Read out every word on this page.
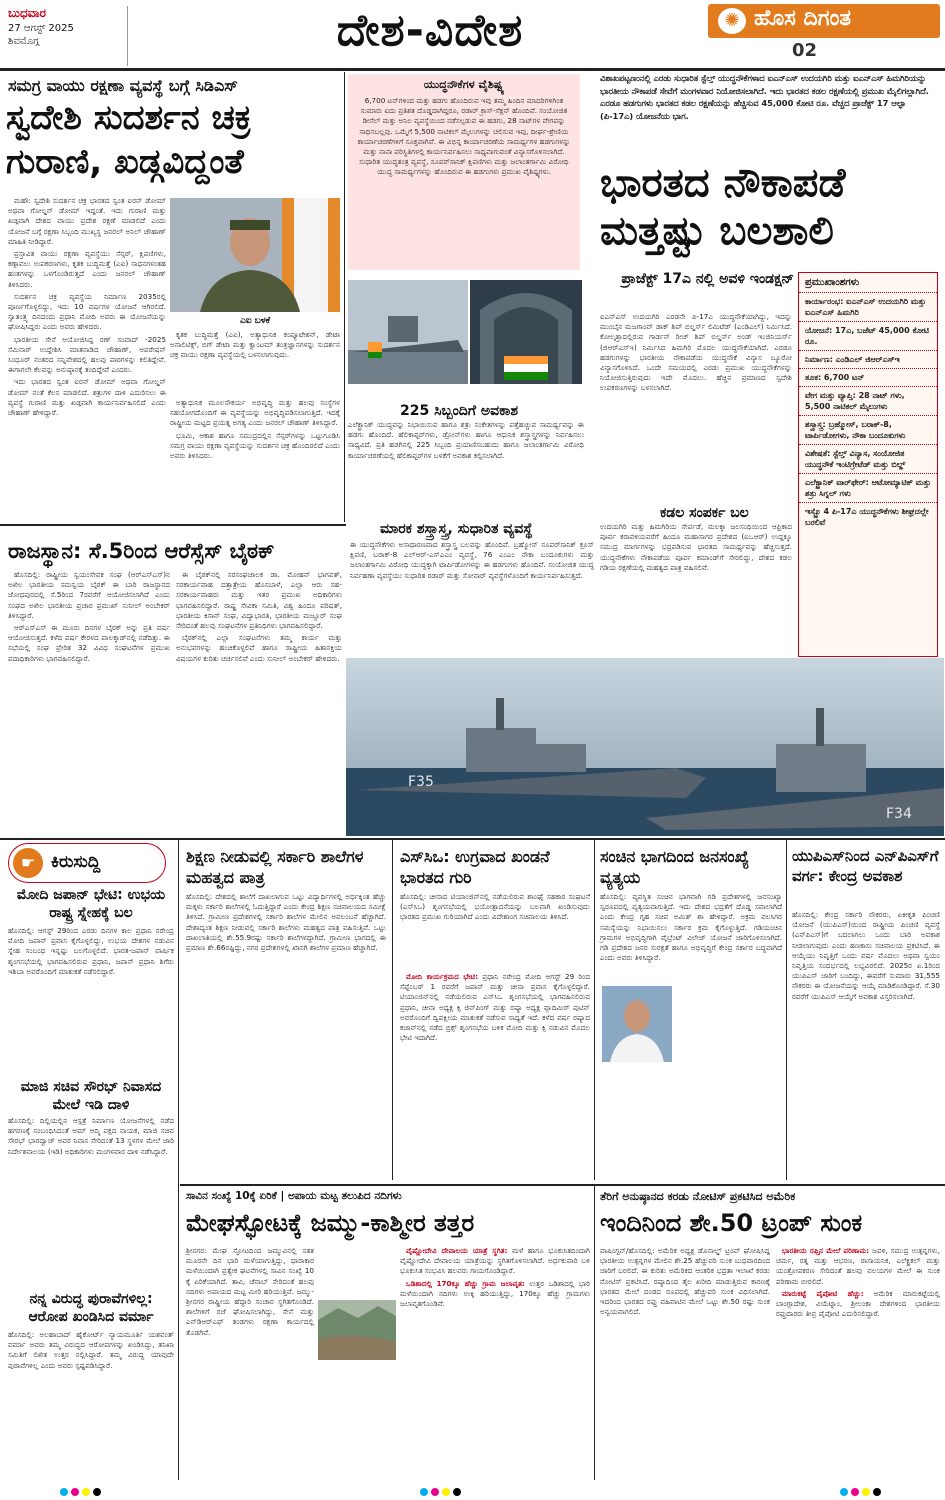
ಬುಧವಾರ
27 ಆಗಸ್ಟ್ 2025
ಶಿವಮೊಗ್ಗ	ದೇಶ-ವಿದೇಶ	✺ ಹೊಸ ದಿಗಂತ
02
ಸಮಗ್ರ ವಾಯು ರಕ್ಷಣಾ ವ್ಯವಸ್ಥೆ ಬಗ್ಗೆ ಸಿಡಿಎಸ್
ಸ್ವದೇಶಿ ಸುದರ್ಶನ ಚಕ್ರ
ಗುರಾಣಿ, ಖಡ್ಗವಿದ್ದಂತೆ

ಮಹೌ: ಸ್ವದೇಶಿ ಸುದರ್ಶನ ಚಕ್ರ ಭಾರತದ ಸ್ವಂತ ಐರನ್ ಡೋಮ್ ಅಥವಾ ಗೋಲ್ಡನ್ ಡೋಮ್ ಇದ್ದಂತೆ. ಇದು ಗುರಾಣಿ ಮತ್ತು ಖಡ್ಗವಾಗಿ ದೇಶದ ವಾಯು ಪ್ರದೇಶ ರಕ್ಷಣೆ ಮಾಡಲಿದೆ ಎಂದು ಯೋಜನೆ ಬಗ್ಗೆ ರಕ್ಷಣಾ ಸಿಬ್ಬಂದಿ ಮುಖ್ಯಸ್ಥ ಜನರಲ್ ಅನಿಲ್ ಚೌಹಾಣ್ ಮಾಹಿತಿ ನೀಡಿದ್ದಾರೆ.

ಪ್ರಸ್ತಾವಿತ ವಾಯು ರಕ್ಷಣಾ ವ್ಯವಸ್ಥೆಯು ಸೆನ್ಸರ್, ಕ್ಷಿಪಣಿಗಳು, ಕಣ್ಗಾವಲು ಉಪಕರಣಗಳು, ಕೃತಕ ಬುದ್ಧಿಮತ್ತೆ (ಎಐ) ಸಾಧನಗಳಂತಹ ಹಂತಗಳನ್ನು ಒಳಗೊಂಡಿರುತ್ತದೆ ಎಂದು ಜನರಲ್ ಚೌಹಾಣ್ ತಿಳಿಸಿದರು.

ಸುದರ್ಶನ ಚಕ್ರ ವ್ಯವಸ್ಥೆಯ ನಿರ್ಮಾಣ 2035ರಲ್ಲಿ ಪೂರ್ಣಗೊಳ್ಳಲಿದ್ದು, ಇದು 10 ವರ್ಷಗಳ ಯೋಜನೆ ಆಗಿರಲಿದೆ. ಸ್ವಾತಂತ್ರ್ಯ ದಿನದಂದು ಪ್ರಧಾನಿ ಮೋದಿ ಅವರು ಈ ಯೋಜನೆಯನ್ನು ಘೋಷಿಸಿದ್ದರು ಎಂದು ಅವರು ಹೇಳಿದರು.

ಭಾರತೀಯ ಸೇನೆ ಆಯೋಜಿಸಿದ್ದ ರಣ್ ಸಂವಾದ್ -2025 ಸೆಮಿನಾರ್ ಉದ್ದೇಶಿಸಿ ಮಾತನಾಡಿದ ಚೌಹಾಣ್, ಆಪರೇಷನ್ ಸಿಂಧೂರ್ ನಂತರದ ಸನ್ನಿವೇಶದಲ್ಲಿ ಹಲವು ಪಾಠಗಳನ್ನು ಕಲಿತಿದ್ದೇವೆ. ಈಗಾಗಲೇ ಕೆಲವನ್ನು ಅನುಷ್ಠಾನಕ್ಕೆ ತಂದಿದ್ದೇವೆ ಎಂದರು.

ಇದು ಭಾರತದ ಸ್ವಂತ ಐರನ್ ಡೋಮ್ ಅಥವಾ ಗೋಲ್ಡನ್ ಡೋಮ್ ನಂತೆ ಕೆಲಸ ಮಾಡಲಿದೆ. ಶತ್ರುಗಳ ದಾಳಿ ಎದುರಿಸಲು ಈ ವ್ಯವಸ್ಥೆ ಗುರಾಣಿ ಮತ್ತು ಖಡ್ಗವಾಗಿ ಕಾರ್ಯನಿರ್ವಹಿಸಲಿದೆ ಎಂದು ಚೌಹಾಣ್ ಹೇಳಿದ್ದಾರೆ.

ಎಐ ಬಳಕೆ

ಕೃತಕ ಬುದ್ಧಿಮತ್ತೆ (ಎಐ), ಅತ್ಯಾಧುನಿಕ ಕಂಪ್ಯೂಟೇಶನ್, ಡೇಟಾ ಅನಾಲಿಟಿಕ್ಸ್, ಬಿಗ್ ಡೇಟಾ ಮತ್ತು ಕ್ವಾಂಟಮ್ ತಂತ್ರಜ್ಞಾನಗಳನ್ನು ಸುದರ್ಶನ ಚಕ್ರ ವಾಯು ರಕ್ಷಣಾ ವ್ಯವಸ್ಥೆಯಲ್ಲಿ ಬಳಸಲಾಗುವುದು.

ಅತ್ಯಾಧುನಿಕ ಮೂಲಸೌಕರ್ಯ ಅಭಿವೃದ್ಧಿ ಮತ್ತು ಹಲವು ಸಂಸ್ಥೆಗಳ ಸಹಯೋಗದೊಂದಿಗೆ ಈ ವ್ಯವಸ್ಥೆಯನ್ನು ಅಭಿವೃದ್ಧಿಪಡಿಸಲಾಗುತ್ತಿದೆ. ಇದಕ್ಕೆ ರಾಷ್ಟ್ರೀಯ ಮಟ್ಟದ ಪ್ರಯತ್ನ ಅಗತ್ಯ ಎಂದು ಜನರಲ್ ಚೌಹಾಣ್ ತಿಳಿಸಿದ್ದಾರೆ.

ಭೂಮಿ, ಆಕಾಶ ಹಾಗೂ ಸಮುದ್ರದಲ್ಲಿನ ಸೆನ್ಸರ್‌ಗಳನ್ನು ಒಟ್ಟುಗೂಡಿಸಿ ಸಮಗ್ರ ವಾಯು ರಕ್ಷಣಾ ವ್ಯವಸ್ಥೆಯನ್ನು ಸುದರ್ಶನ ಚಕ್ರ ಹೊಂದಿರಲಿದೆ ಎಂದು ಅವರು ತಿಳಿಸಿದರು.

ಯುದ್ಧನೌಕೆಗಳ ವೈಶಿಷ್ಟ್ಯ
6,700 ಟನ್‌ಗಳಿಂದ ಮತ್ತು ಹಡಗು ಹೊಂದಿರುವ ಇವು ತಮ್ಮ ಹಿಂದಿನ ಮಾದರಿಗಳಿಗಿಂತ ಸುಮಾರು ಐದು ಪ್ರತಿಶತ ದೊಡ್ಡದಾಗಿದ್ದರೂ, ರಡಾರ್ ಕ್ರಾಸ್-ಸೆಕ್ಷನ್ ಹೊಂದಿವೆ. ಸಂಯೋಜಿತ ಡೀಸೆಲ್ ಮತ್ತು ಅನಿಲ ವ್ಯವಸ್ಥೆಯಿಂದ ನಡೆಸಲ್ಪಡುವ ಈ ಹಡಗು, 28 ನಾಟ್‌ಗಳ ವೇಗವನ್ನು ಸಾಧಿಸಬಲ್ಲವು. ಒಮ್ಮೆಗೆ 5,500 ನಾಟಿಕಲ್ ಮೈಲುಗಳನ್ನು ಚಲಿಸುವ ಇವು, ದೀರ್ಘ-ಶ್ರೇಣಿಯ ಕಾರ್ಯಾಚರಣೆಗಳಿಗೆ ಸೂಕ್ತವಾಗಿವೆ. ಈ ವಿಭಿನ್ನ ಕಾರ್ಯಾಚರಣೆಯ ಸಾಮರ್ಥ್ಯಗಳ ಹಡಗುಗಳನ್ನು ಮತ್ತು ನಾನಾ ಪರಿಸ್ಥಿತಿಗಳಲ್ಲಿ ಕಾರ್ಯನಿರ್ವಹಿಸಲು ಸಾಧ್ಯವಾಗುವಂತೆ ವಿನ್ಯಾಸಗೊಳಿಸಲಾಗಿದೆ. ಸುಧಾರಿತ ಯುದ್ಧತಂತ್ರ ವ್ಯವಸ್ಥೆ, ಸೂಪರ್‌ಸಾನಿಕ್ ಕ್ಷಿಪಣಿಗಳು ಮತ್ತು ಜಲಾಂತರ್ಗಾಮಿ ವಿರೋಧಿ ಯುದ್ಧ ಸಾಮರ್ಥ್ಯಗಳನ್ನು ಹೊಂದಿರುವ ಈ ಹಡಗುಗಳು ಪ್ರಮುಖ ವೈಶಿಷ್ಟ್ಯಗಳು.
ವಿಶಾಖಪಟ್ಟಣಂನಲ್ಲಿ ಎರಡು ಸುಧಾರಿತ ಸ್ಟೆಲ್ತ್ ಯುದ್ಧನೌಕೆಗಳಾದ ಐಎನ್‌ಎಸ್ ಉದಯಗಿರಿ ಮತ್ತು ಐಎನ್‌ಎಸ್ ಹಿಮಗಿರಿಯನ್ನು ಭಾರತೀಯ ನೌಕಾಪಡೆ ಸೇವೆಗೆ ಮಂಗಳವಾರ ನಿಯೋಜಿಸಲಾಗಿದೆ. ಇದು ಭಾರತದ ಕಡಲ ರಕ್ಷಣೆಯಲ್ಲಿ ಪ್ರಮುಖ ಮೈಲಿಗಲ್ಲಾಗಿದೆ. ಎರಡೂ ಹಡಗುಗಳು ಭಾರತದ ಕಡಲ ರಕ್ಷಣೆಯನ್ನು ಹೆಚ್ಚಿಸುವ 45,000 ಕೋಟಿ ರೂ. ವೆಚ್ಚದ ಪ್ರಾಜೆಕ್ಟ್ 17 ಆಲ್ಫಾ (ಪಿ-17ಎ) ಯೋಜನೆಯ ಭಾಗ.
ಭಾರತದ ನೌಕಾಪಡೆ
ಮತ್ತಷ್ಟು ಬಲಶಾಲಿ
225 ಸಿಬ್ಬಂದಿಗೆ ಅವಕಾಶ
ಎಲೆಕ್ಟ್ರಾನಿಕ್ ಯುದ್ಧವನ್ನು ನಿಭಾಯಿಸುವ ಹಾಗೂ ಶತ್ರು ಸಂಕೇತಗಳನ್ನು ಪತ್ತೆಹಚ್ಚುವ ಸಾಮರ್ಥ್ಯವನ್ನು ಈ ಹಡಗು ಹೊಂದಿದೆ. ಹೆಲಿಕಾಪ್ಟರ್‌ಗಳು, ಡ್ರೋನ್‌ಗಳು ಹಾಗೂ ಆಧುನಿಕ ಶಸ್ತ್ರಾಸ್ತ್ರಗಳನ್ನು ನಿರ್ವಹಿಸಲು ಸಾಧ್ಯವಿದೆ. ಪ್ರತಿ ಹಡಗಿನಲ್ಲಿ 225 ಸಿಬ್ಬಂದಿ ಪ್ರಯಾಣಿಸಬಹುದು ಹಾಗೂ ಜಲಾಂತರ್ಗಾಮಿ ವಿರೋಧಿ ಕಾರ್ಯಾಚರಣೆಯಲ್ಲಿ ಹೆಲಿಕಾಪ್ಟರ್‌ಗಳ ಬಳಕೆಗೆ ಅವಕಾಶ ಕಲ್ಪಿಸಲಾಗಿದೆ.
ಪ್ರಾಜೆಕ್ಟ್ 17ಎ ನಲ್ಲಿ ಅವಳಿ ಇಂಡಕ್ಷನ್
ಐಎನ್‌ಎಸ್ ಉದಯಗಿರಿ ಎರಡನೇ ಪಿ-17ಎ ಯುದ್ಧನೌಕೆಯಾಗಿದ್ದು, ಇದನ್ನು ಮುಂಬೈನ ಮಜಗಾಂವ್ ಡಾಕ್ ಶಿಪ್ ಬಿಲ್ಡರ್ಸ್ ಲಿಮಿಟೆಡ್ (ಎಂಡಿಎಲ್) ನಿರ್ಮಿಸಿದೆ. ಕೋಲ್ಕತ್ತಾದಲ್ಲಿರುವ ಗಾರ್ಡನ್ ರೀಚ್ ಶಿಪ್ ಬಿಲ್ಡರ್ಸ್ ಅಂಡ್ ಇಂಜಿನಿಯರ್ಸ್ (ಜಿಆರ್‌ಎಸ್‌ಇ) ನಿರ್ಮಿಸಿದ ಹಿಮಗಿರಿ ಮೊದಲ ಯುದ್ಧನೌಕೆಯಾಗಿದೆ. ಎರಡೂ ಹಡಗುಗಳನ್ನು ಭಾರತೀಯ ನೌಕಾಪಡೆಯ ಯುದ್ಧನೌಕೆ ವಿನ್ಯಾಸ ಬ್ಯೂರೋ ವಿನ್ಯಾಸಗೊಳಿಸಿದೆ. ಒಂದೇ ಸಮಯದಲ್ಲಿ ಎರಡು ಪ್ರಮುಖ ಯುದ್ಧನೌಕೆಗಳನ್ನು ನಿಯೋಜಿಸುತ್ತಿರುವುದು ಇದೇ ಮೊದಲು. ಹೆಚ್ಚಿನ ಪ್ರಮಾಣದ ಸ್ವದೇಶಿ ಉಪಕರಣಗಳನ್ನು ಬಳಸಲಾಗಿದೆ.
ಕಡಲ ಸಂಪರ್ಕ ಬಲ
ಉದಯಗಿರಿ ಮತ್ತು ಹಿಮಗಿರಿಯ ಸೇರ್ಪಡೆ, ಮಲಕ್ಕಾ ಜಲಸಂಧಿಯಿಂದ ಆಫ್ರಿಕಾದ ಪೂರ್ವ ಕರಾವಳಿಯವರೆಗೆ ಹಿಂದೂ ಮಹಾಸಾಗರ ಪ್ರದೇಶದ (ಐಒಆರ್) ಉದ್ದಕ್ಕೂ ಸಮುದ್ರ ಮಾರ್ಗಗಳನ್ನು ಭದ್ರಪಡಿಸುವ ಭಾರತದ ಸಾಮರ್ಥ್ಯವನ್ನು ಹೆಚ್ಚಿಸುತ್ತದೆ. ಯುದ್ಧನೌಕೆಗಳು ನೌಕಾಪಡೆಯ ಪೂರ್ವ ಕಮಾಂಡ್‌ಗೆ ಸೇರಲಿದ್ದು, ದೇಶದ ಕಡಲ ಗಡಿಯ ರಕ್ಷಣೆಯಲ್ಲಿ ಮಹತ್ವದ ಪಾತ್ರ ವಹಿಸಲಿವೆ.
ಮಾರಕ ಶಸ್ತ್ರಾಸ್ತ್ರ, ಸುಧಾರಿತ ವ್ಯವಸ್ಥೆ
ಈ ಯುದ್ಧನೌಕೆಗಳು ಅಸಾಧಾರಣವಾದ ಶಸ್ತ್ರಾಸ್ತ್ರ ಬಲವನ್ನು ಹೊಂದಿವೆ. ಬ್ರಹ್ಮೋಸ್ ಸೂಪರ್‌ಸಾನಿಕ್ ಕ್ರೂಸ್ ಕ್ಷಿಪಣಿ, ಬರಾಕ್-8 ಎಲ್‌ಆರ್-ಎಸ್‌ಎಎಂ ವ್ಯವಸ್ಥೆ, 76 ಎಂಎಂ ನೌಕಾ ಬಂದೂಕುಗಳು ಮತ್ತು ಜಲಾಂತರ್ಗಾಮಿ ವಿರೋಧಿ ಯುದ್ಧಕ್ಕಾಗಿ ಟಾರ್ಪಿಡೋಗಳನ್ನು ಈ ಹಡಗುಗಳು ಹೊಂದಿವೆ. ಸಂಯೋಜಿತ ಯುದ್ಧ ನಿರ್ವಹಣಾ ವ್ಯವಸ್ಥೆಯು ಸುಧಾರಿತ ರಡಾರ್ ಮತ್ತು ಸೋನಾರ್ ವ್ಯವಸ್ಥೆಗಳೊಂದಿಗೆ ಕಾರ್ಯನಿರ್ವಹಿಸುತ್ತದೆ.
ಪ್ರಮುಖಾಂಶಗಳು
ಕಾರ್ಯಾರಂಭ: ಐಎನ್‌ಎಸ್ ಉದಯಗಿರಿ ಮತ್ತು ಐಎನ್‌ಎಸ್ ಹಿಮಗಿರಿ
ಯೋಜನೆ: 17ಎ, ಬಜೆಟ್ 45,000 ಕೋಟಿ ರೂ.
ನಿರ್ಮಾಣ: ಎಂಡಿಎಲ್ ಜಿಆರ್‌ಎಸ್‌ಇ
ತೂಕ: 6,700 ಟನ್
ವೇಗ ಮತ್ತು ವ್ಯಾಪ್ತಿ: 28 ನಾಟ್ ಗಳು, 5,500 ನಾಟಿಕಲ್ ಮೈಲುಗಳು
ಶಸ್ತ್ರಾಸ್ತ್ರ: ಬ್ರಹ್ಮೋಸ್, ಬರಾಕ್-8, ಟಾರ್ಪಿಡೋಗಳು, ನೌಕಾ ಬಂದೂಕುಗಳು
ವಿಶೇಷತೆ: ಸ್ಟೆಲ್ತ್ ವಿನ್ಯಾಸ, ಸಂಯೋಜಿತ ಯುದ್ಧನೌಕೆ ಇಂಟಿಗ್ರೇಟೆಡ್ ಮತ್ತು ಬಿಲ್ಡ್
ಎಲೆಕ್ಟ್ರಾನಿಕ್ ವಾರ್‌ಫೇರ್: ಆಟೋಮ್ಯಾಟಿಕ್ ಮತ್ತು ಶತ್ರು ಸಿಗ್ನಲ್ ಗಳು
ಇಸ್ಟ್ರೊ 4 ಪಿ-17ಎ ಯುದ್ಧನೌಕೆಗಳು ಶೀಘ್ರದಲ್ಲೇ ಬರಲಿವೆ
F35
F34
ರಾಜಸ್ಥಾನ: ಸೆ.5ರಿಂದ ಆರೆಸ್ಸೆಸ್ ಬೈಠಕ್

ಹೊಸದಿಲ್ಲಿ: ರಾಷ್ಟ್ರೀಯ ಸ್ವಯಂಸೇವಕ ಸಂಘ (ಆರ್‌ಎಸ್‌ಎಸ್)ನ ಅಖಿಲ ಭಾರತೀಯ ಸಮನ್ವಯ ಬೈಠಕ್ ಈ ಬಾರಿ ರಾಜಸ್ಥಾನದ ಜೋಧಪುರದಲ್ಲಿ ಸೆ.5ರಿಂದ 7ರವರೆಗೆ ಆಯೋಜಿಸಲಾಗಿದೆ ಎಂದು ಸಂಘದ ಅಖಿಲ ಭಾರತೀಯ ಪ್ರಚಾರ ಪ್ರಮುಖ್ ಸುನೀಲ್ ಅಂಬೇಕರ್ ತಿಳಿಸಿದ್ದಾರೆ.

ಆರ್‌ಎಸ್‌ಎಸ್ ಈ ಮೂರು ದಿನಗಳ ಬೈಠಕ್ ಅನ್ನು ಪ್ರತಿ ವರ್ಷ ಆಯೋಜಿಸುತ್ತದೆ. ಕಳೆದ ವರ್ಷ ಕೇರಳದ ಪಾಲಕ್ಕಾಡ್‌ನಲ್ಲಿ ನಡೆದಿತ್ತು. ಈ ಸಭೆಯಲ್ಲಿ ಸಂಘ ಪ್ರೇರಿತ 32 ವಿವಿಧ ಸಂಘಟನೆಗಳ ಪ್ರಮುಖ ಪದಾಧಿಕಾರಿಗಳು ಭಾಗವಹಿಸಲಿದ್ದಾರೆ.

ಈ ಬೈಠಕ್‌ನಲ್ಲಿ ಸರಸಂಘಚಾಲಕ ಡಾ. ಮೋಹನ್ ಭಾಗವತ್, ಸರಕಾರ್ಯವಾಹ ದತ್ತಾತ್ರೇಯ ಹೊಸಬಾಳೆ, ಎಲ್ಲಾ ಆರು ಸಹ-ಸರಕಾರ್ಯವಾಹರು ಮತ್ತು ಇತರ ಪ್ರಮುಖ ಅಧಿಕಾರಿಗಳು ಭಾಗವಹಿಸಲಿದ್ದಾರೆ. ರಾಷ್ಟ್ರ ಸೇವಿಕಾ ಸಮಿತಿ, ವಿಶ್ವ ಹಿಂದೂ ಪರಿಷತ್, ಭಾರತೀಯ ಕಿಸಾನ್ ಸಂಘ, ವಿದ್ಯಾಭಾರತಿ, ಭಾರತೀಯ ಮಜ್ದೂರ್ ಸಂಘ ಸೇರಿದಂತೆ ಹಲವು ಸಂಘಟನೆಗಳ ಪ್ರತಿನಿಧಿಗಳು ಭಾಗವಹಿಸಲಿದ್ದಾರೆ.

ಬೈಠಕ್‌ನಲ್ಲಿ ಎಲ್ಲಾ ಸಂಘಟನೆಗಳು ತಮ್ಮ ಕಾರ್ಯ ಮತ್ತು ಅನುಭವಗಳನ್ನು ಹಂಚಿಕೊಳ್ಳಲಿವೆ ಹಾಗೂ ರಾಷ್ಟ್ರೀಯ ಹಿತಾಸಕ್ತಿಯ ವಿಷಯಗಳ ಕುರಿತು ಚರ್ಚಿಸಲಿವೆ ಎಂದು ಸುನೀಲ್ ಅಂಬೇಕರ್ ಹೇಳಿದರು.

☛ ಕಿರುಸುದ್ದಿ
ಮೋದಿ ಜಪಾನ್ ಭೇಟಿ: ಉಭಯ ರಾಷ್ಟ್ರ ಸ್ನೇಹಕ್ಕೆ ಬಲ
ಹೊಸದಿಲ್ಲಿ: ಆಗಸ್ಟ್ 29ರಿಂದ ಎರಡು ದಿನಗಳ ಕಾಲ ಪ್ರಧಾನಿ ನರೇಂದ್ರ ಮೋದಿ ಜಪಾನ್ ಪ್ರವಾಸ ಕೈಗೊಳ್ಳಲಿದ್ದು, ಉಭಯ ದೇಶಗಳ ನಡುವಿನ ಸ್ನೇಹ ಸಂಬಂಧ ಇನ್ನಷ್ಟು ಬಲಗೊಳ್ಳಲಿದೆ. ಭಾರತ-ಜಪಾನ್ ವಾರ್ಷಿಕ ಶೃಂಗಸಭೆಯಲ್ಲಿ ಭಾಗವಹಿಸಲಿರುವ ಪ್ರಧಾನಿ, ಜಪಾನ್ ಪ್ರಧಾನಿ ಶಿಗೆರು ಇಶಿಬಾ ಅವರೊಂದಿಗೆ ಮಾತುಕತೆ ನಡೆಸಲಿದ್ದಾರೆ.
ಮಾಜಿ ಸಚಿವ ಸೌರಭ್ ನಿವಾಸದ ಮೇಲೆ ಇಡಿ ದಾಳಿ
ಹೊಸದಿಲ್ಲಿ: ದಿಲ್ಲಿಯಲ್ಲಿನ ಆಸ್ಪತ್ರೆ ನಿರ್ಮಾಣ ಯೋಜನೆಗಳಲ್ಲಿ ನಡೆದ ಹಗರಣಕ್ಕೆ ಸಂಬಂಧಿಸಿದಂತೆ ಆಮ್ ಆದ್ಮಿ ಪಕ್ಷದ ನಾಯಕ, ಮಾಜಿ ಸಚಿವ ಸೌರಭ್ ಭಾರದ್ವಾಜ್ ಅವರ ನಿವಾಸ ಸೇರಿದಂತೆ 13 ಸ್ಥಳಗಳ ಮೇಲೆ ಜಾರಿ ನಿರ್ದೇಶನಾಲಯ (ಇಡಿ) ಅಧಿಕಾರಿಗಳು ಮಂಗಳವಾರ ದಾಳಿ ನಡೆಸಿದ್ದಾರೆ.
ನನ್ನ ವಿರುದ್ಧ ಪುರಾವೆಗಳಿಲ್ಲ: ಆರೋಪ ಖಂಡಿಸಿದ ವರ್ಮಾ
ಹೊಸದಿಲ್ಲಿ: ಅಲಹಾಬಾದ್ ಹೈಕೋರ್ಟ್ ನ್ಯಾಯಮೂರ್ತಿ ಯಶವಂತ್ ವರ್ಮಾ ಅವರು ತಮ್ಮ ವಿರುದ್ಧದ ಆರೋಪಗಳನ್ನು ಖಂಡಿಸಿದ್ದು, ತನಿಖಾ ಸಮಿತಿಗೆ ಲಿಖಿತ ಉತ್ತರ ಸಲ್ಲಿಸಿದ್ದಾರೆ. ತಮ್ಮ ವಿರುದ್ಧ ಯಾವುದೇ ಪುರಾವೆಗಳಿಲ್ಲ ಎಂದು ಅವರು ಸ್ಪಷ್ಟಪಡಿಸಿದ್ದಾರೆ.
ಶಿಕ್ಷಣ ನೀಡುವಲ್ಲಿ ಸರ್ಕಾರಿ ಶಾಲೆಗಳ ಮಹತ್ವದ ಪಾತ್ರ
ಹೊಸದಿಲ್ಲಿ: ದೇಶದಲ್ಲಿ ಶಾಲೆಗೆ ದಾಖಲಾಗುವ ಒಟ್ಟು ವಿದ್ಯಾರ್ಥಿಗಳಲ್ಲಿ ಅರ್ಧಕ್ಕಿಂತ ಹೆಚ್ಚು ಮಕ್ಕಳು ಸರ್ಕಾರಿ ಶಾಲೆಗಳಲ್ಲಿ ಓದುತ್ತಿದ್ದಾರೆ ಎಂದು ಕೇಂದ್ರ ಶಿಕ್ಷಣ ಸಚಿವಾಲಯದ ಸಮೀಕ್ಷೆ ತಿಳಿಸಿದೆ. ಗ್ರಾಮೀಣ ಪ್ರದೇಶಗಳಲ್ಲಿ ಸರ್ಕಾರಿ ಶಾಲೆಗಳ ಮೇಲಿನ ಅವಲಂಬನೆ ಹೆಚ್ಚಾಗಿದೆ. ದೇಶಾದ್ಯಂತ ಶಿಕ್ಷಣ ನೀಡುವಲ್ಲಿ ಸರ್ಕಾರಿ ಶಾಲೆಗಳು ಮಹತ್ವದ ಪಾತ್ರ ವಹಿಸುತ್ತಿವೆ. ಒಟ್ಟು ದಾಖಲಾತಿಯಲ್ಲಿ ಶೇ.55.9ರಷ್ಟು ಸರ್ಕಾರಿ ಶಾಲೆಗಳದ್ದಾಗಿದೆ. ಗ್ರಾಮೀಣ ಭಾಗದಲ್ಲಿ ಈ ಪ್ರಮಾಣ ಶೇ.66ರಷ್ಟಿದ್ದು, ನಗರ ಪ್ರದೇಶಗಳಲ್ಲಿ ಖಾಸಗಿ ಶಾಲೆಗಳ ಪ್ರಮಾಣ ಹೆಚ್ಚಾಗಿದೆ.
ಎಸ್‌ಸಿಒ: ಉಗ್ರವಾದ ಖಂಡನೆ ಭಾರತದ ಗುರಿ
ಹೊಸದಿಲ್ಲಿ: ಚೀನಾದ ಟಿಯಾಂಜಿನ್‌ನಲ್ಲಿ ನಡೆಯಲಿರುವ ಶಾಂಘೈ ಸಹಕಾರ ಸಂಘಟನೆ (ಎಸ್‌ಸಿಒ) ಶೃಂಗಸಭೆಯಲ್ಲಿ ಭಯೋತ್ಪಾದನೆಯನ್ನು ಬಲವಾಗಿ ಖಂಡಿಸುವುದು ಭಾರತದ ಪ್ರಮುಖ ಗುರಿಯಾಗಿದೆ ಎಂದು ವಿದೇಶಾಂಗ ಸಚಿವಾಲಯ ತಿಳಿಸಿದೆ.

ಮೋದಿ ಕಾರ್ಯಕ್ರಮದ ಭೇಟಿ: ಪ್ರಧಾನಿ ನರೇಂದ್ರ ಮೋದಿ ಆಗಸ್ಟ್ 29 ರಿಂದ ಸೆಪ್ಟೆಂಬರ್ 1 ರವರೆಗೆ ಜಪಾನ್ ಮತ್ತು ಚೀನಾ ಪ್ರವಾಸ ಕೈಗೊಳ್ಳಲಿದ್ದಾರೆ. ಟಿಯಾಂಜಿನ್‌ನಲ್ಲಿ ನಡೆಯಲಿರುವ ಎಸ್‌ಸಿಒ ಶೃಂಗಸಭೆಯಲ್ಲಿ ಭಾಗವಹಿಸಲಿರುವ ಪ್ರಧಾನಿ, ಚೀನಾ ಅಧ್ಯಕ್ಷ ಕ್ಸಿ ಜಿನ್‌ಪಿಂಗ್ ಮತ್ತು ರಷ್ಯಾ ಅಧ್ಯಕ್ಷ ವ್ಲಾದಿಮಿರ್ ಪುಟಿನ್ ಅವರೊಂದಿಗೆ ದ್ವಿಪಕ್ಷೀಯ ಮಾತುಕತೆ ನಡೆಸುವ ಸಾಧ್ಯತೆ ಇದೆ. ಕಳೆದ ವರ್ಷ ರಷ್ಯಾದ ಕಜಾನ್‌ನಲ್ಲಿ ನಡೆದ ಬ್ರಿಕ್ಸ್ ಶೃಂಗಸಭೆಯ ಬಳಿಕ ಮೋದಿ ಮತ್ತು ಕ್ಸಿ ನಡುವಿನ ಮೊದಲ ಭೇಟಿ ಇದಾಗಿದೆ.

ಸಂಚಿನ ಭಾಗದಿಂದ ಜನಸಂಖ್ಯೆ ವ್ಯತ್ಯಯ
ಹೊಸದಿಲ್ಲಿ: ವ್ಯವಸ್ಥಿತ ಸಂಚಿನ ಭಾಗವಾಗಿ ಗಡಿ ಪ್ರದೇಶಗಳಲ್ಲಿ ಜನಸಂಖ್ಯಾ ಸ್ವರೂಪದಲ್ಲಿ ವ್ಯತ್ಯಯವಾಗುತ್ತಿದೆ. ಇದು ದೇಶದ ಭದ್ರತೆಗೆ ದೊಡ್ಡ ಸವಾಲಾಗಿದೆ ಎಂದು ಕೇಂದ್ರ ಗೃಹ ಸಚಿವ ಅಮಿತ್ ಶಾ ಹೇಳಿದ್ದಾರೆ. ಅಕ್ರಮ ವಲಸಿಗರ ಸಮಸ್ಯೆಯನ್ನು ನಿಭಾಯಿಸಲು ಸರ್ಕಾರ ಕ್ರಮ ಕೈಗೊಳ್ಳುತ್ತಿದೆ. ಗಡಿಯಂಚಿನ ಗ್ರಾಮಗಳ ಅಭಿವೃದ್ಧಿಗಾಗಿ ವೈಬ್ರೆಂಟ್ ವಿಲೇಜ್ ಯೋಜನೆ ಜಾರಿಗೊಳಿಸಲಾಗಿದೆ. ಗಡಿ ಪ್ರದೇಶದ ಜನರ ಸುರಕ್ಷತೆ ಹಾಗೂ ಅಭಿವೃದ್ಧಿಗೆ ಕೇಂದ್ರ ಸರ್ಕಾರ ಬದ್ಧವಾಗಿದೆ ಎಂದು ಅವರು ತಿಳಿಸಿದ್ದಾರೆ.
ಯುಪಿಎಸ್‌ನಿಂದ ಎನ್‌ಪಿಎಸ್‌ಗೆ ವರ್ಗ: ಕೇಂದ್ರ ಅವಕಾಶ
ಹೊಸದಿಲ್ಲಿ: ಕೇಂದ್ರ ಸರ್ಕಾರಿ ನೌಕರರು, ಏಕೀಕೃತ ಪಿಂಚಣಿ ಯೋಜನೆ (ಯುಪಿಎಸ್)ಯಿಂದ ರಾಷ್ಟ್ರೀಯ ಪಿಂಚಣಿ ವ್ಯವಸ್ಥೆ (ಎನ್‌ಪಿಎಸ್)ಗೆ ಬದಲಾಗಲು ಒಂದು ಬಾರಿ ಅವಕಾಶ ನೀಡಲಾಗುವುದು ಎಂದು ಹಣಕಾಸು ಸಚಿವಾಲಯ ಪ್ರಕಟಿಸಿದೆ. ಈ ಆಯ್ಕೆಯು ನಿವೃತ್ತಿಗೆ ಒಂದು ವರ್ಷ ಮೊದಲು ಅಥವಾ ಸ್ವಯಂ ನಿವೃತ್ತಿಯ ಸಂದರ್ಭದಲ್ಲಿ ಲಭ್ಯವಿರಲಿದೆ. 2025ರ ಏ.1ರಿಂದ ಯುಪಿಎಸ್ ಜಾರಿಗೆ ಬಂದಿದ್ದು, ಈವರೆಗೆ ಸುಮಾರು 31,555 ನೌಕರರು ಈ ಯೋಜನೆಯನ್ನು ಆಯ್ಕೆ ಮಾಡಿಕೊಂಡಿದ್ದಾರೆ. ಸೆ.30 ರವರೆಗೆ ಯುಪಿಎಸ್ ಆಯ್ಕೆಗೆ ಅವಕಾಶ ವಿಸ್ತರಿಸಲಾಗಿದೆ.
ಸಾವಿನ ಸಂಖ್ಯೆ 10ಕ್ಕೆ ಏರಿಕೆ | ಅಪಾಯ ಮಟ್ಟ ತಲುಪಿದ ನದಿಗಳು
ಮೇಘಸ್ಫೋಟಕ್ಕೆ ಜಮ್ಮು-ಕಾಶ್ಮೀರ ತತ್ತರ
ಶ್ರೀನಗರ: ಮೇಘ ಸ್ಫೋಟದಿಂದ ಜಮ್ಮುವಿನಲ್ಲಿ ಸತತ ಮೂರನೇ ದಿನ ಭಾರಿ ಮಳೆಯಾಗುತ್ತಿದ್ದು, ಧಾರಾಕಾರ ಮಳೆಯಿಂದಾಗಿ ಪ್ರತ್ಯೇಕ ಘಟನೆಗಳಲ್ಲಿ ಸಾವಿನ ಸಂಖ್ಯೆ 10 ಕ್ಕೆ ಏರಿಕೆಯಾಗಿದೆ. ತಾವಿ, ಚೆನಾಬ್ ಸೇರಿದಂತೆ ಹಲವು ನದಿಗಳು ಅಪಾಯದ ಮಟ್ಟ ಮೀರಿ ಹರಿಯುತ್ತಿವೆ. ಜಮ್ಮು-ಶ್ರೀನಗರ ರಾಷ್ಟ್ರೀಯ ಹೆದ್ದಾರಿ ಸಂಚಾರ ಸ್ಥಗಿತಗೊಂಡಿದೆ. ಶಾಲೆಗಳಿಗೆ ರಜೆ ಘೋಷಿಸಲಾಗಿದ್ದು, ಸೇನೆ ಮತ್ತು ಎನ್‌ಡಿಆರ್‌ಎಫ್ ತಂಡಗಳು ರಕ್ಷಣಾ ಕಾರ್ಯದಲ್ಲಿ ತೊಡಗಿವೆ.

ವೈಷ್ಣೋದೇವಿ ದೇವಾಲಯ ಯಾತ್ರೆ ಸ್ಥಗಿತ: ಮಳೆ ಹಾಗೂ ಭೂಕುಸಿತದಿಂದಾಗಿ ವೈಷ್ಣೋದೇವಿ ದೇವಾಲಯ ಯಾತ್ರೆಯನ್ನು ಸ್ಥಗಿತಗೊಳಿಸಲಾಗಿದೆ. ಅರ್ಧಕುವಾರಿ ಬಳಿ ಭೂಕುಸಿತ ಸಂಭವಿಸಿ ಹಲವರು ಗಾಯಗೊಂಡಿದ್ದಾರೆ.

ಒಡಿಶಾದಲ್ಲಿ 170ಕ್ಕೂ ಹೆಚ್ಚು ಗ್ರಾಮ ಜಲಾವೃತ: ಉತ್ತರ ಒಡಿಶಾದಲ್ಲಿ ಭಾರಿ ಮಳೆಯಿಂದಾಗಿ ನದಿಗಳು ಉಕ್ಕಿ ಹರಿಯುತ್ತಿದ್ದು, 170ಕ್ಕೂ ಹೆಚ್ಚು ಗ್ರಾಮಗಳು ಜಲಾವೃತಗೊಂಡಿವೆ.

ತೆರಿಗೆ ಅನುಷ್ಠಾನದ ಕರಡು ನೋಟಿಸ್ ಪ್ರಕಟಿಸಿದ ಅಮೆರಿಕ
ಇಂದಿನಿಂದ ಶೇ.50 ಟ್ರಂಪ್ ಸುಂಕ
ವಾಷಿಂಗ್ಟನ್/ಹೊಸದಿಲ್ಲಿ: ಅಮೆರಿಕ ಅಧ್ಯಕ್ಷ ಡೊನಾಲ್ಡ್ ಟ್ರಂಪ್ ಘೋಷಿಸಿದ್ದ ಭಾರತೀಯ ಉತ್ಪನ್ನಗಳ ಮೇಲಿನ ಶೇ.25 ಹೆಚ್ಚುವರಿ ಸುಂಕ ಬುಧವಾರದಿಂದ ಜಾರಿಗೆ ಬರಲಿದೆ. ಈ ಕುರಿತು ಅಮೆರಿಕದ ಆಂತರಿಕ ಭದ್ರತಾ ಇಲಾಖೆ ಕರಡು ನೋಟಿಸ್ ಪ್ರಕಟಿಸಿದೆ. ರಷ್ಯಾದಿಂದ ತೈಲ ಖರೀದಿ ಮಾಡುತ್ತಿರುವ ಕಾರಣಕ್ಕೆ ಭಾರತದ ಮೇಲೆ ದಂಡದ ರೂಪದಲ್ಲಿ ಹೆಚ್ಚುವರಿ ಸುಂಕ ವಿಧಿಸಲಾಗಿದೆ. ಇದರಿಂದ ಭಾರತದ ರಫ್ತು ವಹಿವಾಟಿನ ಮೇಲೆ ಒಟ್ಟು ಶೇ.50 ರಷ್ಟು ಸುಂಕ ಅನ್ವಯವಾಗಲಿದೆ.

ಭಾರತೀಯ ರಫ್ತಿನ ಮೇಲೆ ಪರಿಣಾಮ: ಜವಳಿ, ಸಮುದ್ರ ಉತ್ಪನ್ನಗಳು, ಚರ್ಮ, ರತ್ನ ಮತ್ತು ಆಭರಣ, ರಾಸಾಯನಿಕ, ಎಲೆಕ್ಟ್ರಿಕಲ್ ಮತ್ತು ಯಂತ್ರೋಪಕರಣ ಸೇರಿದಂತೆ ಹಲವು ವಲಯಗಳ ಮೇಲೆ ಈ ಸುಂಕ ಪರಿಣಾಮ ಬೀರಲಿದೆ.

ಮಾರುಕಟ್ಟೆ ಪೈಪೋಟಿ ಹೆಚ್ಚು: ಅಮೆರಿಕ ಮಾರುಕಟ್ಟೆಯಲ್ಲಿ ಬಾಂಗ್ಲಾದೇಶ, ವಿಯೆಟ್ನಾಂ, ಶ್ರೀಲಂಕಾ ದೇಶಗಳಿಂದ ಭಾರತೀಯ ರಫ್ತುದಾರರು ತೀವ್ರ ಪೈಪೋಟಿ ಎದುರಿಸಲಿದ್ದಾರೆ.
